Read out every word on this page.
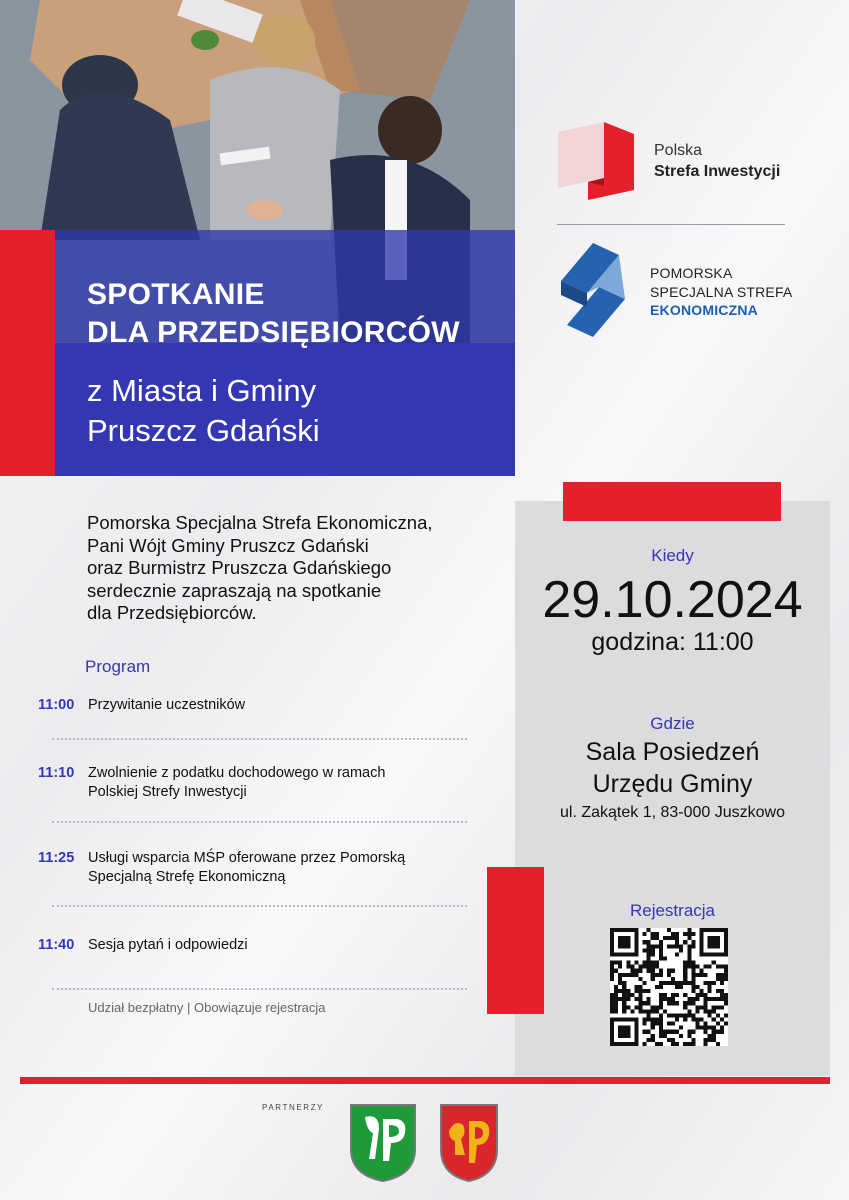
SPOTKANIE
DLA PRZEDSIĘBIORCÓW
z Miasta i Gminy
Pruszcz Gdański
Polska
Strefa Inwestycji
POMORSKA
SPECJALNA STREFA
EKONOMICZNA
Kiedy
29.10.2024
godzina: 11:00
Gdzie
Sala Posiedzeń
Urzędu Gminy
ul. Zakątek 1, 83-000 Juszkowo
Rejestracja
Pomorska Specjalna Strefa Ekonomiczna,
Pani Wójt Gminy Pruszcz Gdański
oraz Burmistrz Pruszcza Gdańskiego
serdecznie zapraszają na spotkanie
dla Przedsiębiorców.
Program
11:00 Przywitanie uczestników
11:10 Zwolnienie z podatku dochodowego w ramach
Polskiej Strefy Inwestycji
11:25 Usługi wsparcia MŚP oferowane przez Pomorską
Specjalną Strefę Ekonomiczną
11:40 Sesja pytań i odpowiedzi
Udział bezpłatny | Obowiązuje rejestracja
PARTNERZY
